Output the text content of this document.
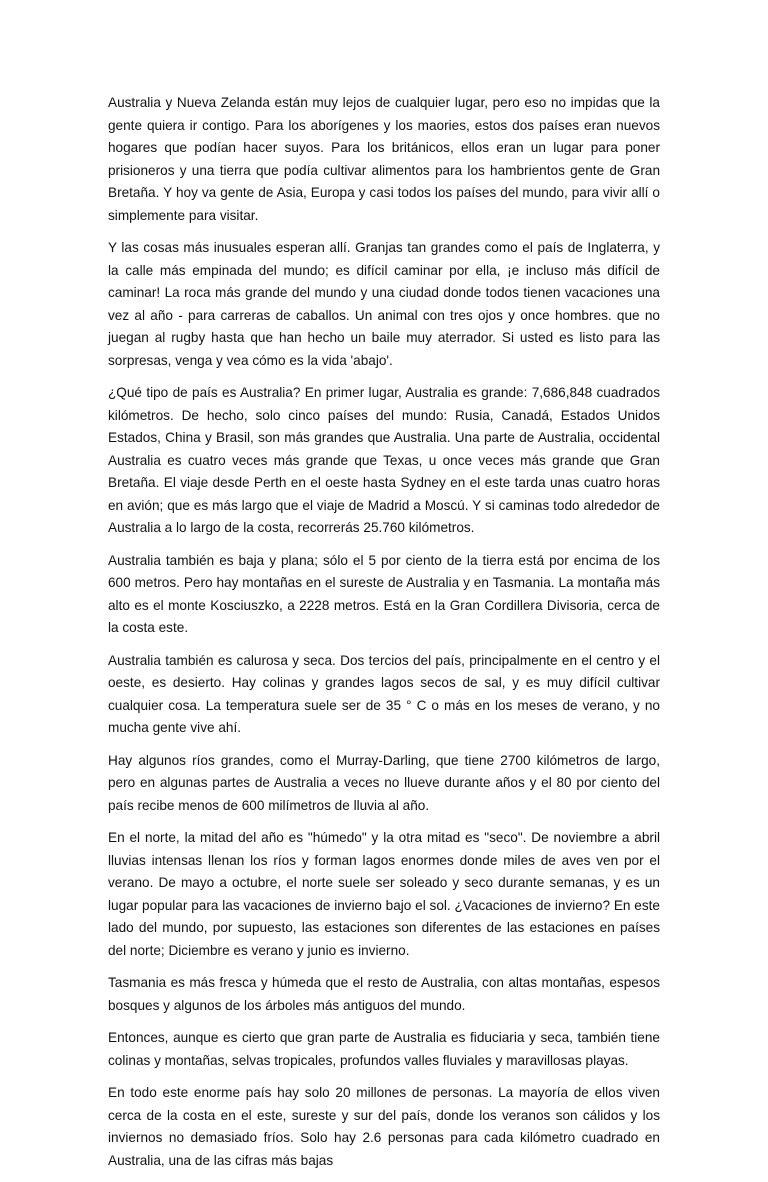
Australia y Nueva Zelanda están muy lejos de cualquier lugar, pero eso no impidas que la gente quiera ir contigo. Para los aborígenes y los maories, estos dos países eran nuevos hogares que podían hacer suyos. Para los británicos, ellos eran un lugar para poner prisioneros y una tierra que podía cultivar alimentos para los hambrientos gente de Gran Bretaña. Y hoy va gente de Asia, Europa y casi todos los países del mundo, para vivir allí o simplemente para visitar.

Y las cosas más inusuales esperan allí. Granjas tan grandes como el país de Inglaterra, y la calle más empinada del mundo; es difícil caminar por ella, ¡e incluso más difícil de caminar! La roca más grande del mundo y una ciudad donde todos tienen vacaciones una vez al año - para carreras de caballos. Un animal con tres ojos y once hombres. que no juegan al rugby hasta que han hecho un baile muy aterrador. Si usted es listo para las sorpresas, venga y vea cómo es la vida 'abajo'.

¿Qué tipo de país es Australia? En primer lugar, Australia es grande: 7,686,848 cuadrados kilómetros. De hecho, solo cinco países del mundo: Rusia, Canadá, Estados Unidos Estados, China y Brasil, son más grandes que Australia. Una parte de Australia, occidental Australia es cuatro veces más grande que Texas, u once veces más grande que Gran Bretaña. El viaje desde Perth en el oeste hasta Sydney en el este tarda unas cuatro horas en avión; que es más largo que el viaje de Madrid a Moscú. Y si caminas todo alrededor de Australia a lo largo de la costa, recorrerás 25.760 kilómetros.

Australia también es baja y plana; sólo el 5 por ciento de la tierra está por encima de los 600 metros. Pero hay montañas en el sureste de Australia y en Tasmania. La montaña más alto es el monte Kosciuszko, a 2228 metros. Está en la Gran Cordillera Divisoria, cerca de la costa este.

Australia también es calurosa y seca. Dos tercios del país, principalmente en el centro y el oeste, es desierto. Hay colinas y grandes lagos secos de sal, y es muy difícil cultivar cualquier cosa. La temperatura suele ser de 35 ° C o más en los meses de verano, y no mucha gente vive ahí.

Hay algunos ríos grandes, como el Murray-Darling, que tiene 2700 kilómetros de largo, pero en algunas partes de Australia a veces no llueve durante años y el 80 por ciento del país recibe menos de 600 milímetros de lluvia al año.

En el norte, la mitad del año es "húmedo" y la otra mitad es "seco". De noviembre a abril lluvias intensas llenan los ríos y forman lagos enormes donde miles de aves ven por el verano. De mayo a octubre, el norte suele ser soleado y seco durante semanas, y es un lugar popular para las vacaciones de invierno bajo el sol. ¿Vacaciones de invierno? En este lado del mundo, por supuesto, las estaciones son diferentes de las estaciones en países del norte; Diciembre es verano y junio es invierno.

Tasmania es más fresca y húmeda que el resto de Australia, con altas montañas, espesos bosques y algunos de los árboles más antiguos del mundo.

Entonces, aunque es cierto que gran parte de Australia es fiduciaria y seca, también tiene colinas y montañas, selvas tropicales, profundos valles fluviales y maravillosas playas.

En todo este enorme país hay solo 20 millones de personas. La mayoría de ellos viven cerca de la costa en el este, sureste y sur del país, donde los veranos son cálidos y los inviernos no demasiado fríos. Solo hay 2.6 personas para cada kilómetro cuadrado en Australia, una de las cifras más bajas
